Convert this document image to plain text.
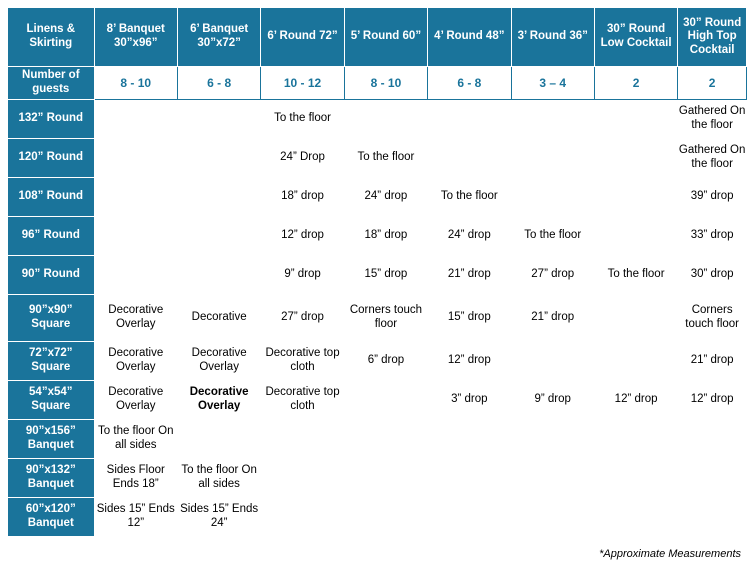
Linens & Skirting	8’ Banquet 30”x96”	6’ Banquet 30”x72”	6’ Round 72”	5’ Round 60”	4’ Round 48”	3’ Round 36”	30” Round Low Cocktail	30” Round High Top Cocktail
Number of guests	8 - 10	6 - 8	10 - 12	8 - 10	6 - 8	3 – 4	2	2
132” Round			To the floor					Gathered On the floor
120” Round			24” Drop	To the floor				Gathered On the floor
108” Round			18” drop	24” drop	To the floor			39” drop
96” Round			12” drop	18” drop	24” drop	To the floor		33” drop
90” Round			9” drop	15” drop	21” drop	27” drop	To the floor	30” drop
90”x90” Square	Decorative Overlay	Decorative	27” drop	Corners touch floor	15” drop	21” drop		Corners touch floor
72”x72” Square	Decorative Overlay	Decorative Overlay	Decorative top cloth	6” drop	12” drop			21” drop
54”x54” Square	Decorative Overlay	Decorative Overlay	Decorative top cloth		3” drop	9” drop	12” drop	12” drop
90”x156” Banquet	To the floor On all sides							
90”x132” Banquet	Sides Floor Ends 18”	To the floor On all sides						
60”x120” Banquet	Sides 15” Ends 12”	Sides 15” Ends 24”						
*Approximate Measurements
